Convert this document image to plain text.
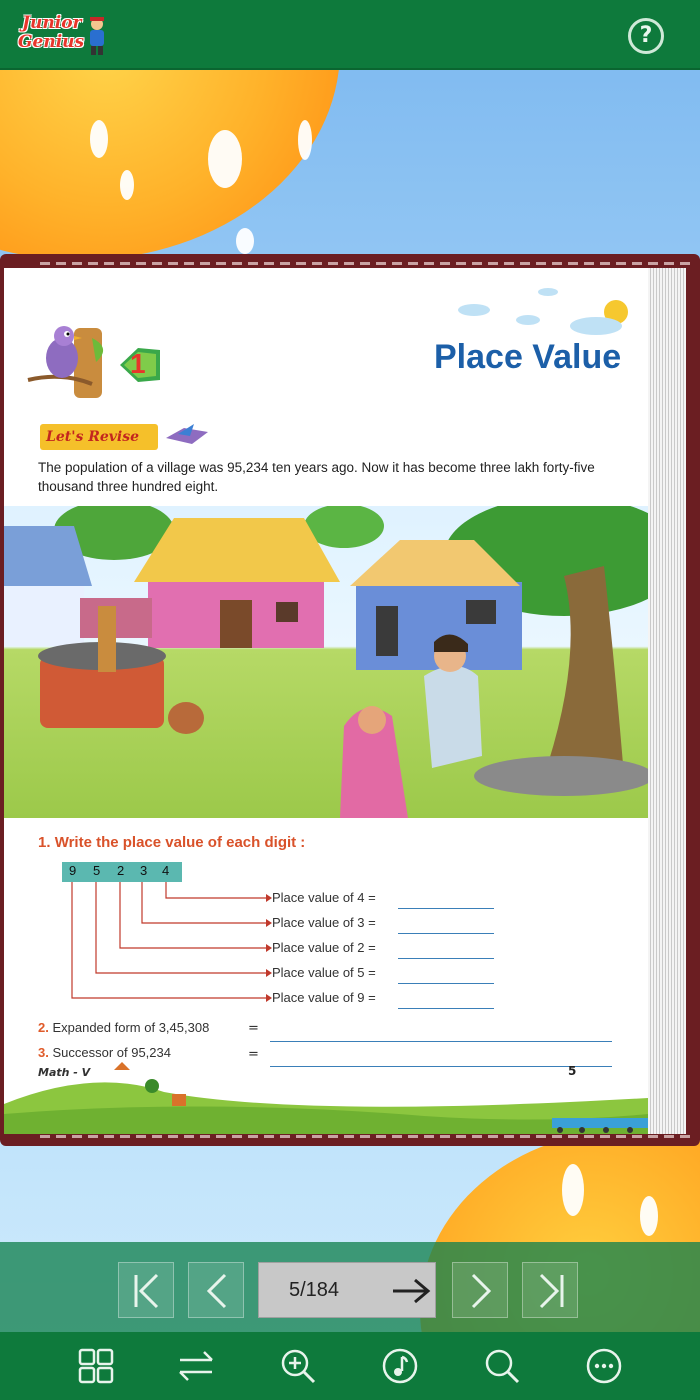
Junior
Genius	?
1	Place Value
Let's Revise
The population of a village was 95,234 ten years ago. Now it has become three lakh forty-five thousand three hundred eight.
1. Write the place value of each digit :
9 5 2 3 4
Place value of 4 =
Place value of 3 =
Place value of 2 =
Place value of 5 =
Place value of 9 =
2. Expanded form of 3,45,308	=
3. Successor of 95,234	=
Math - V	5
5/184
